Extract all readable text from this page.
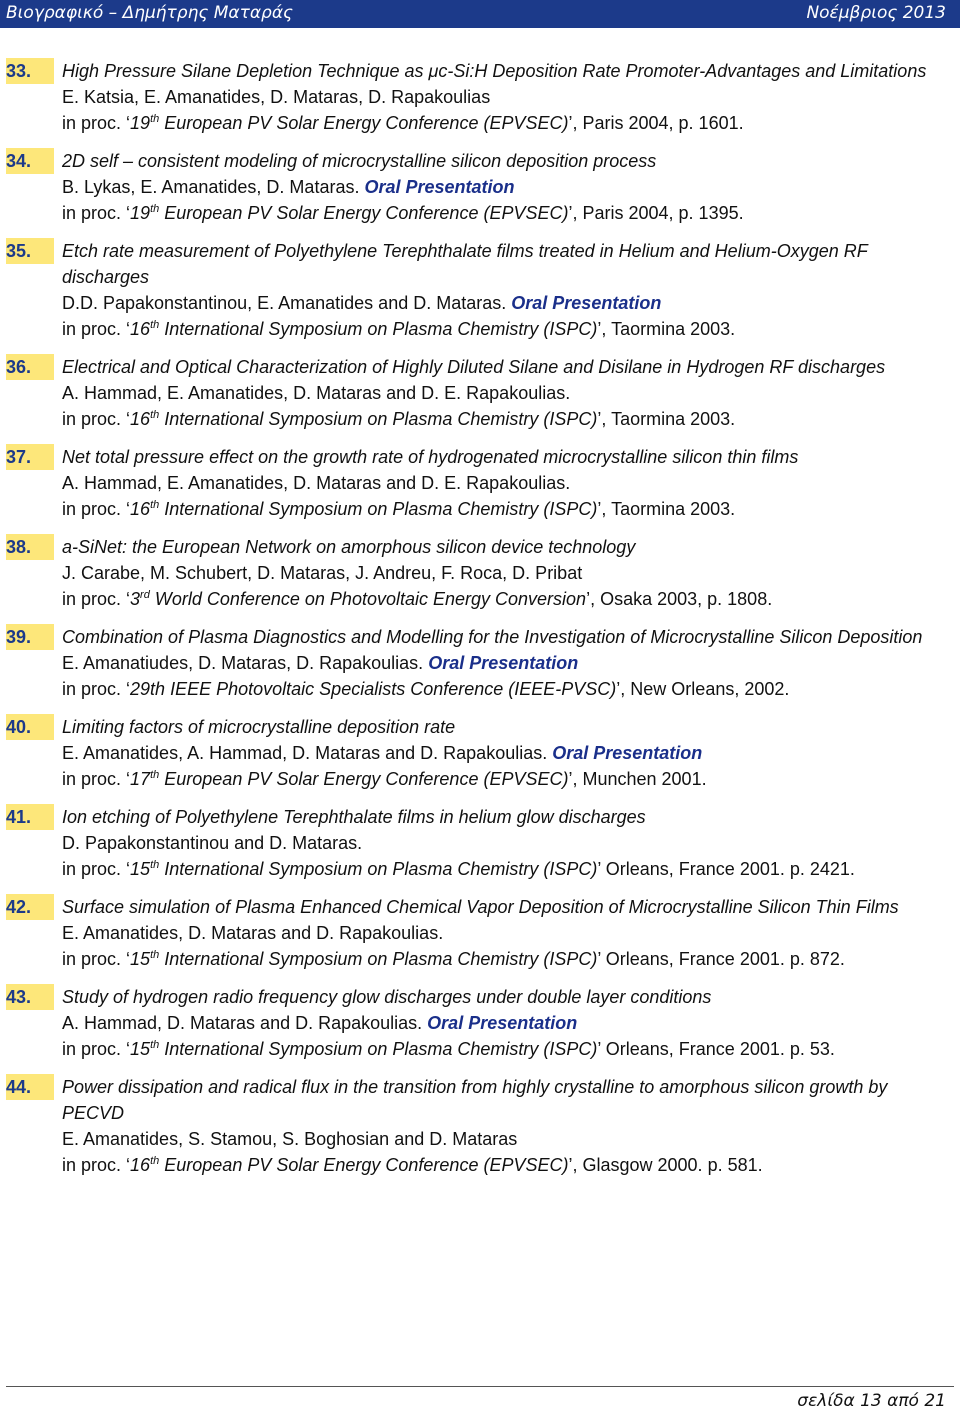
Βιογραφικό – Δημήτρης Ματαράς	Νοέμβριος 2013
33.	High Pressure Silane Depletion Technique as μc-Si:H Deposition Rate Promoter-Advantages and Limitations
E. Katsia, E. Amanatides, D. Mataras, D. Rapakoulias
in proc. ‘19th European PV Solar Energy Conference (EPVSEC)’, Paris 2004, p. 1601.
34.	2D self – consistent modeling of microcrystalline silicon deposition process
B. Lykas, E. Amanatides, D. Mataras. Oral Presentation
in proc. ‘19th European PV Solar Energy Conference (EPVSEC)’, Paris 2004, p. 1395.
35.	Etch rate measurement of Polyethylene Terephthalate films treated in Helium and Helium-Oxygen RF discharges
D.D. Papakonstantinou, E. Amanatides and D. Mataras. Oral Presentation
in proc. ‘16th International Symposium on Plasma Chemistry (ISPC)’, Taormina 2003.
36.	Electrical and Optical Characterization of Highly Diluted Silane and Disilane in Hydrogen RF discharges
A. Hammad, E. Amanatides, D. Mataras and D. E. Rapakoulias.
in proc. ‘16th International Symposium on Plasma Chemistry (ISPC)’, Taormina 2003.
37.	Net total pressure effect on the growth rate of hydrogenated microcrystalline silicon thin films
A. Hammad, E. Amanatides, D. Mataras and D. E. Rapakoulias.
in proc. ‘16th International Symposium on Plasma Chemistry (ISPC)’, Taormina 2003.
38.	a-SiNet: the European Network on amorphous silicon device technology
J. Carabe, M. Schubert, D. Mataras, J. Andreu, F. Roca, D. Pribat
in proc. ‘3rd World Conference on Photovoltaic Energy Conversion’, Osaka 2003, p. 1808.
39.	Combination of Plasma Diagnostics and Modelling for the Investigation of Microcrystalline Silicon Deposition
E. Amanatiudes, D. Mataras, D. Rapakoulias. Oral Presentation
in proc. ‘29th IEEE Photovoltaic Specialists Conference (IEEE-PVSC)’, New Orleans, 2002.
40.	Limiting factors of microcrystalline deposition rate
E. Amanatides, A. Hammad, D. Mataras and D. Rapakoulias. Oral Presentation
in proc. ‘17th European PV Solar Energy Conference (EPVSEC)’, Munchen 2001.
41.	Ion etching of Polyethylene Terephthalate films in helium glow discharges
D. Papakonstantinou and D. Mataras.
in proc. ‘15th International Symposium on Plasma Chemistry (ISPC)’ Orleans, France 2001. p. 2421.
42.	Surface simulation of Plasma Enhanced Chemical Vapor Deposition of Microcrystalline Silicon Thin Films
E. Amanatides, D. Mataras and D. Rapakoulias.
in proc. ‘15th International Symposium on Plasma Chemistry (ISPC)’ Orleans, France 2001. p. 872.
43.	Study of hydrogen radio frequency glow discharges under double layer conditions
A. Hammad, D. Mataras and D. Rapakoulias. Oral Presentation
in proc. ‘15th International Symposium on Plasma Chemistry (ISPC)’ Orleans, France 2001. p. 53.
44.	Power dissipation and radical flux in the transition from highly crystalline to amorphous silicon growth by PECVD
E. Amanatides, S. Stamou, S. Boghosian and D. Mataras
in proc. ‘16th European PV Solar Energy Conference (EPVSEC)’, Glasgow 2000. p. 581.
σελίδα 13 από 21
